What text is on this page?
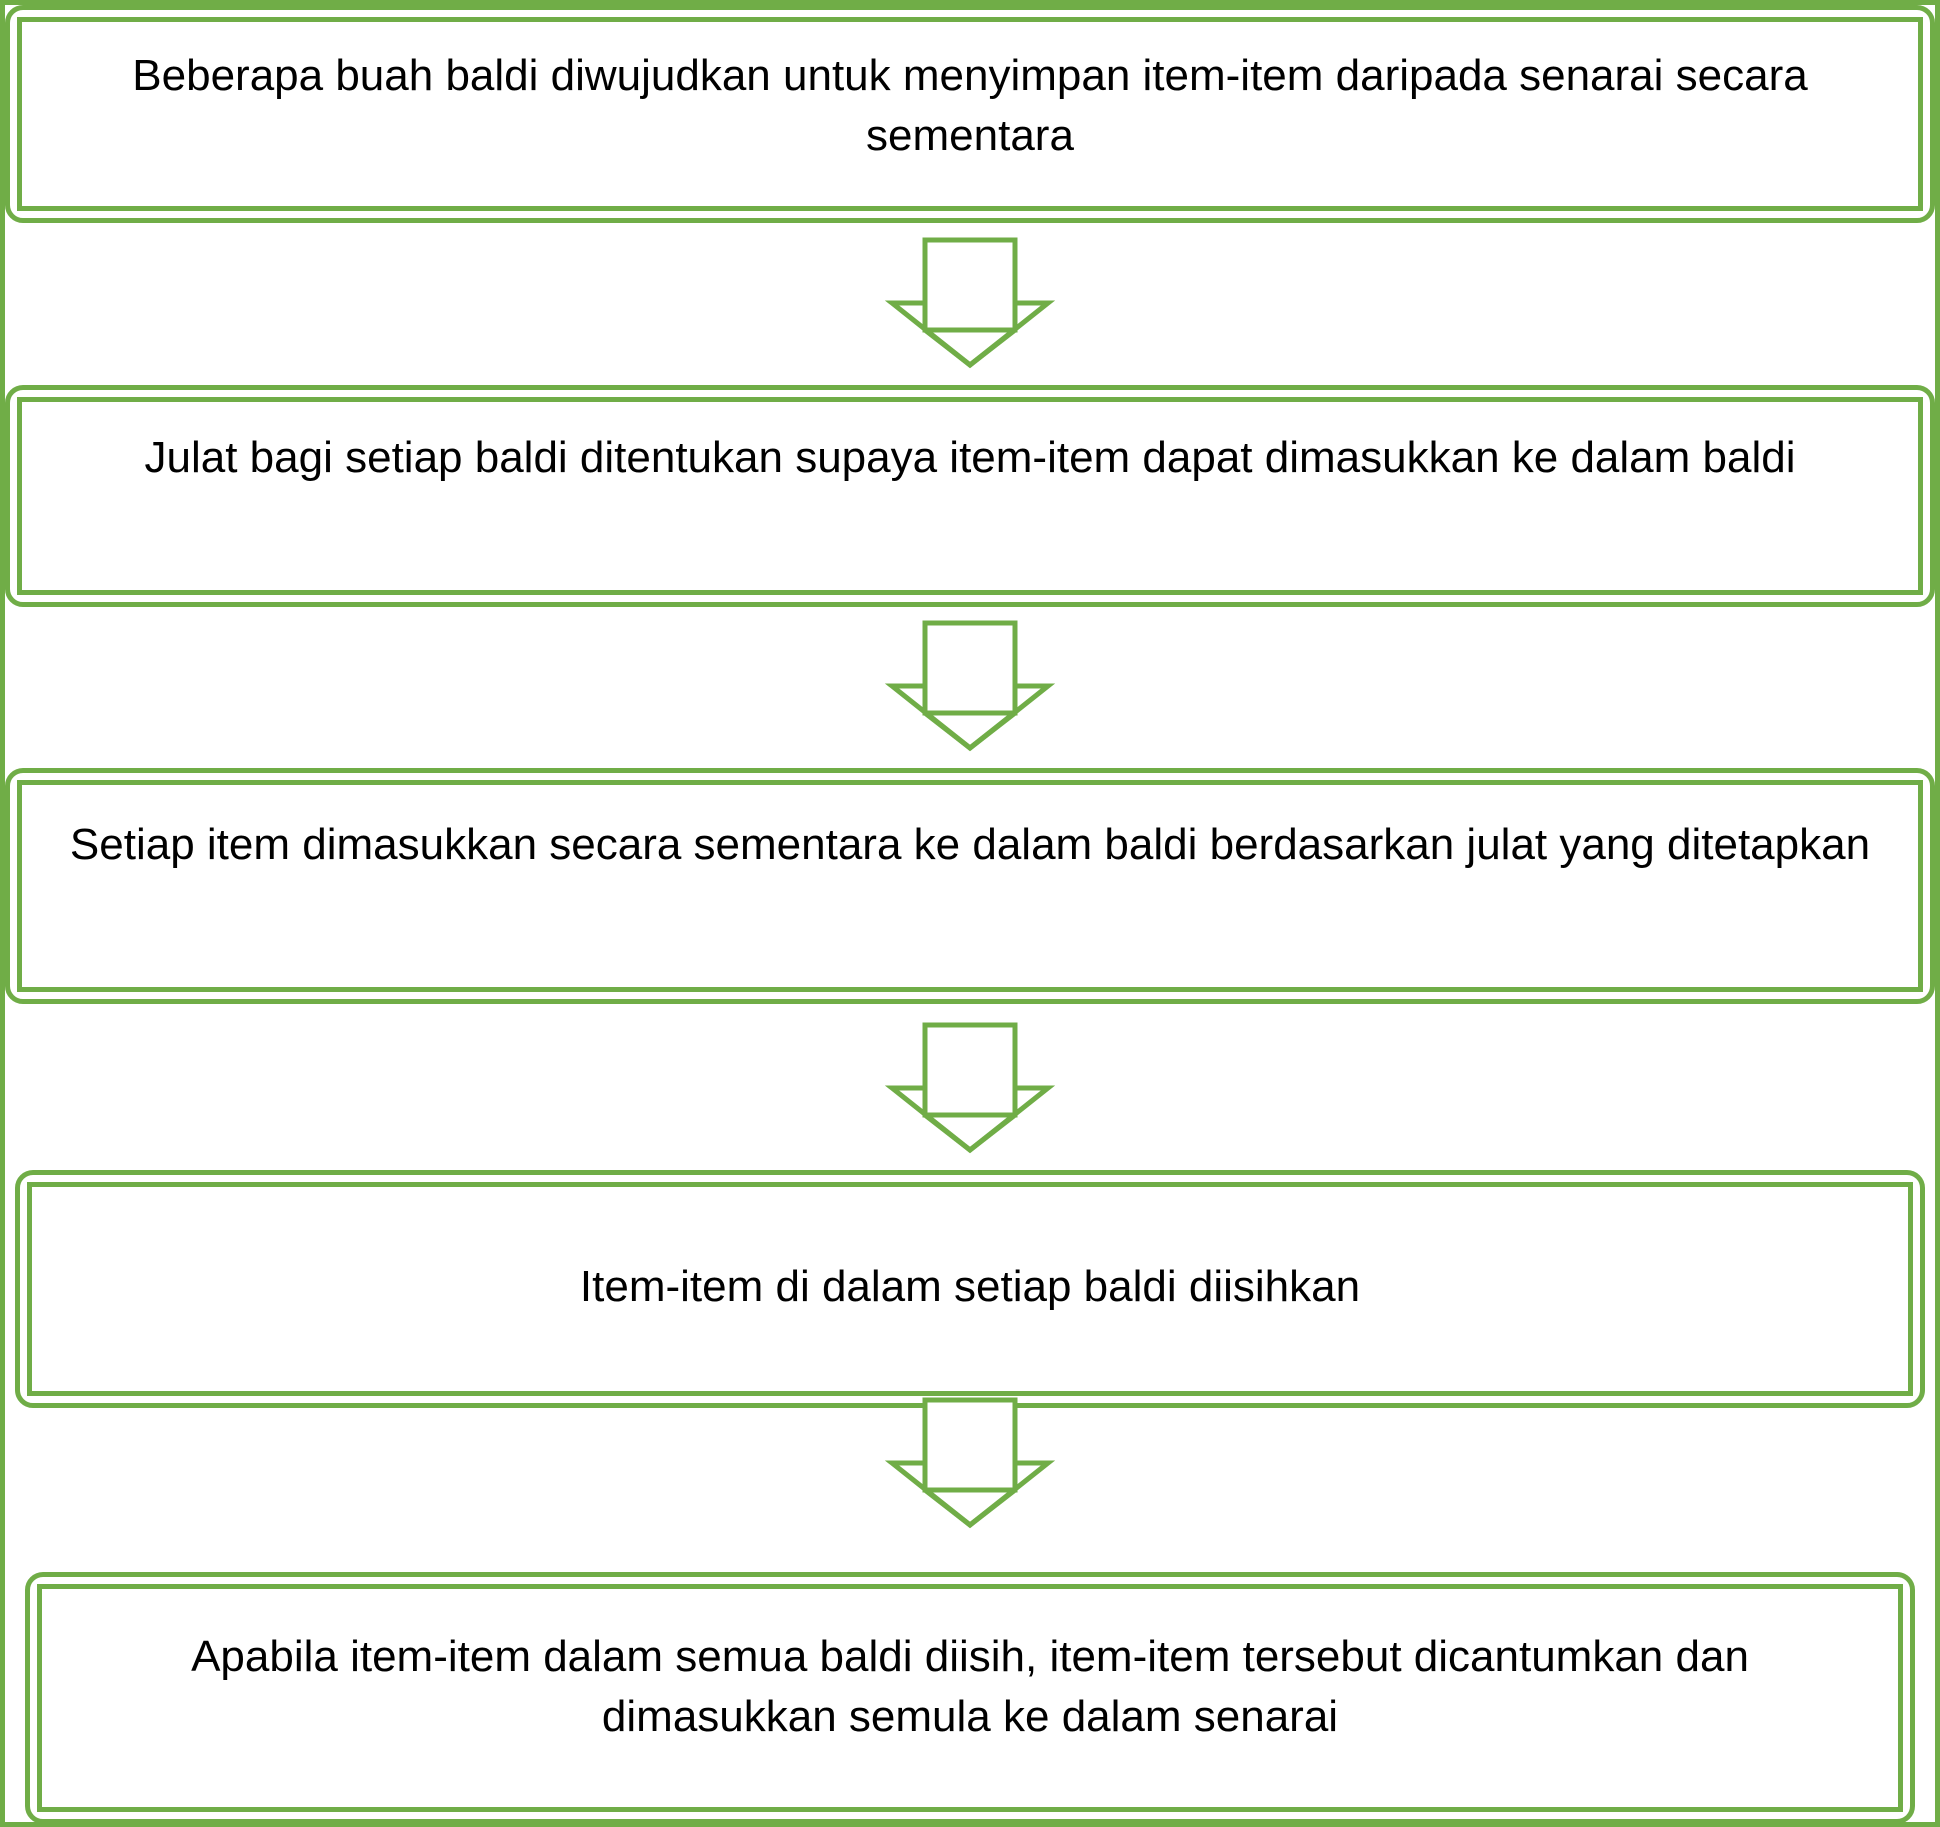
Beberapa buah baldi diwujudkan untuk menyimpan item-item daripada senarai secara sementara
Julat bagi setiap baldi ditentukan supaya item-item dapat dimasukkan ke dalam baldi
Setiap item dimasukkan secara sementara ke dalam baldi berdasarkan julat yang ditetapkan
Item-item di dalam setiap baldi diisihkan
Apabila item-item dalam semua baldi diisih, item-item tersebut dicantumkan dan dimasukkan semula ke dalam senarai
